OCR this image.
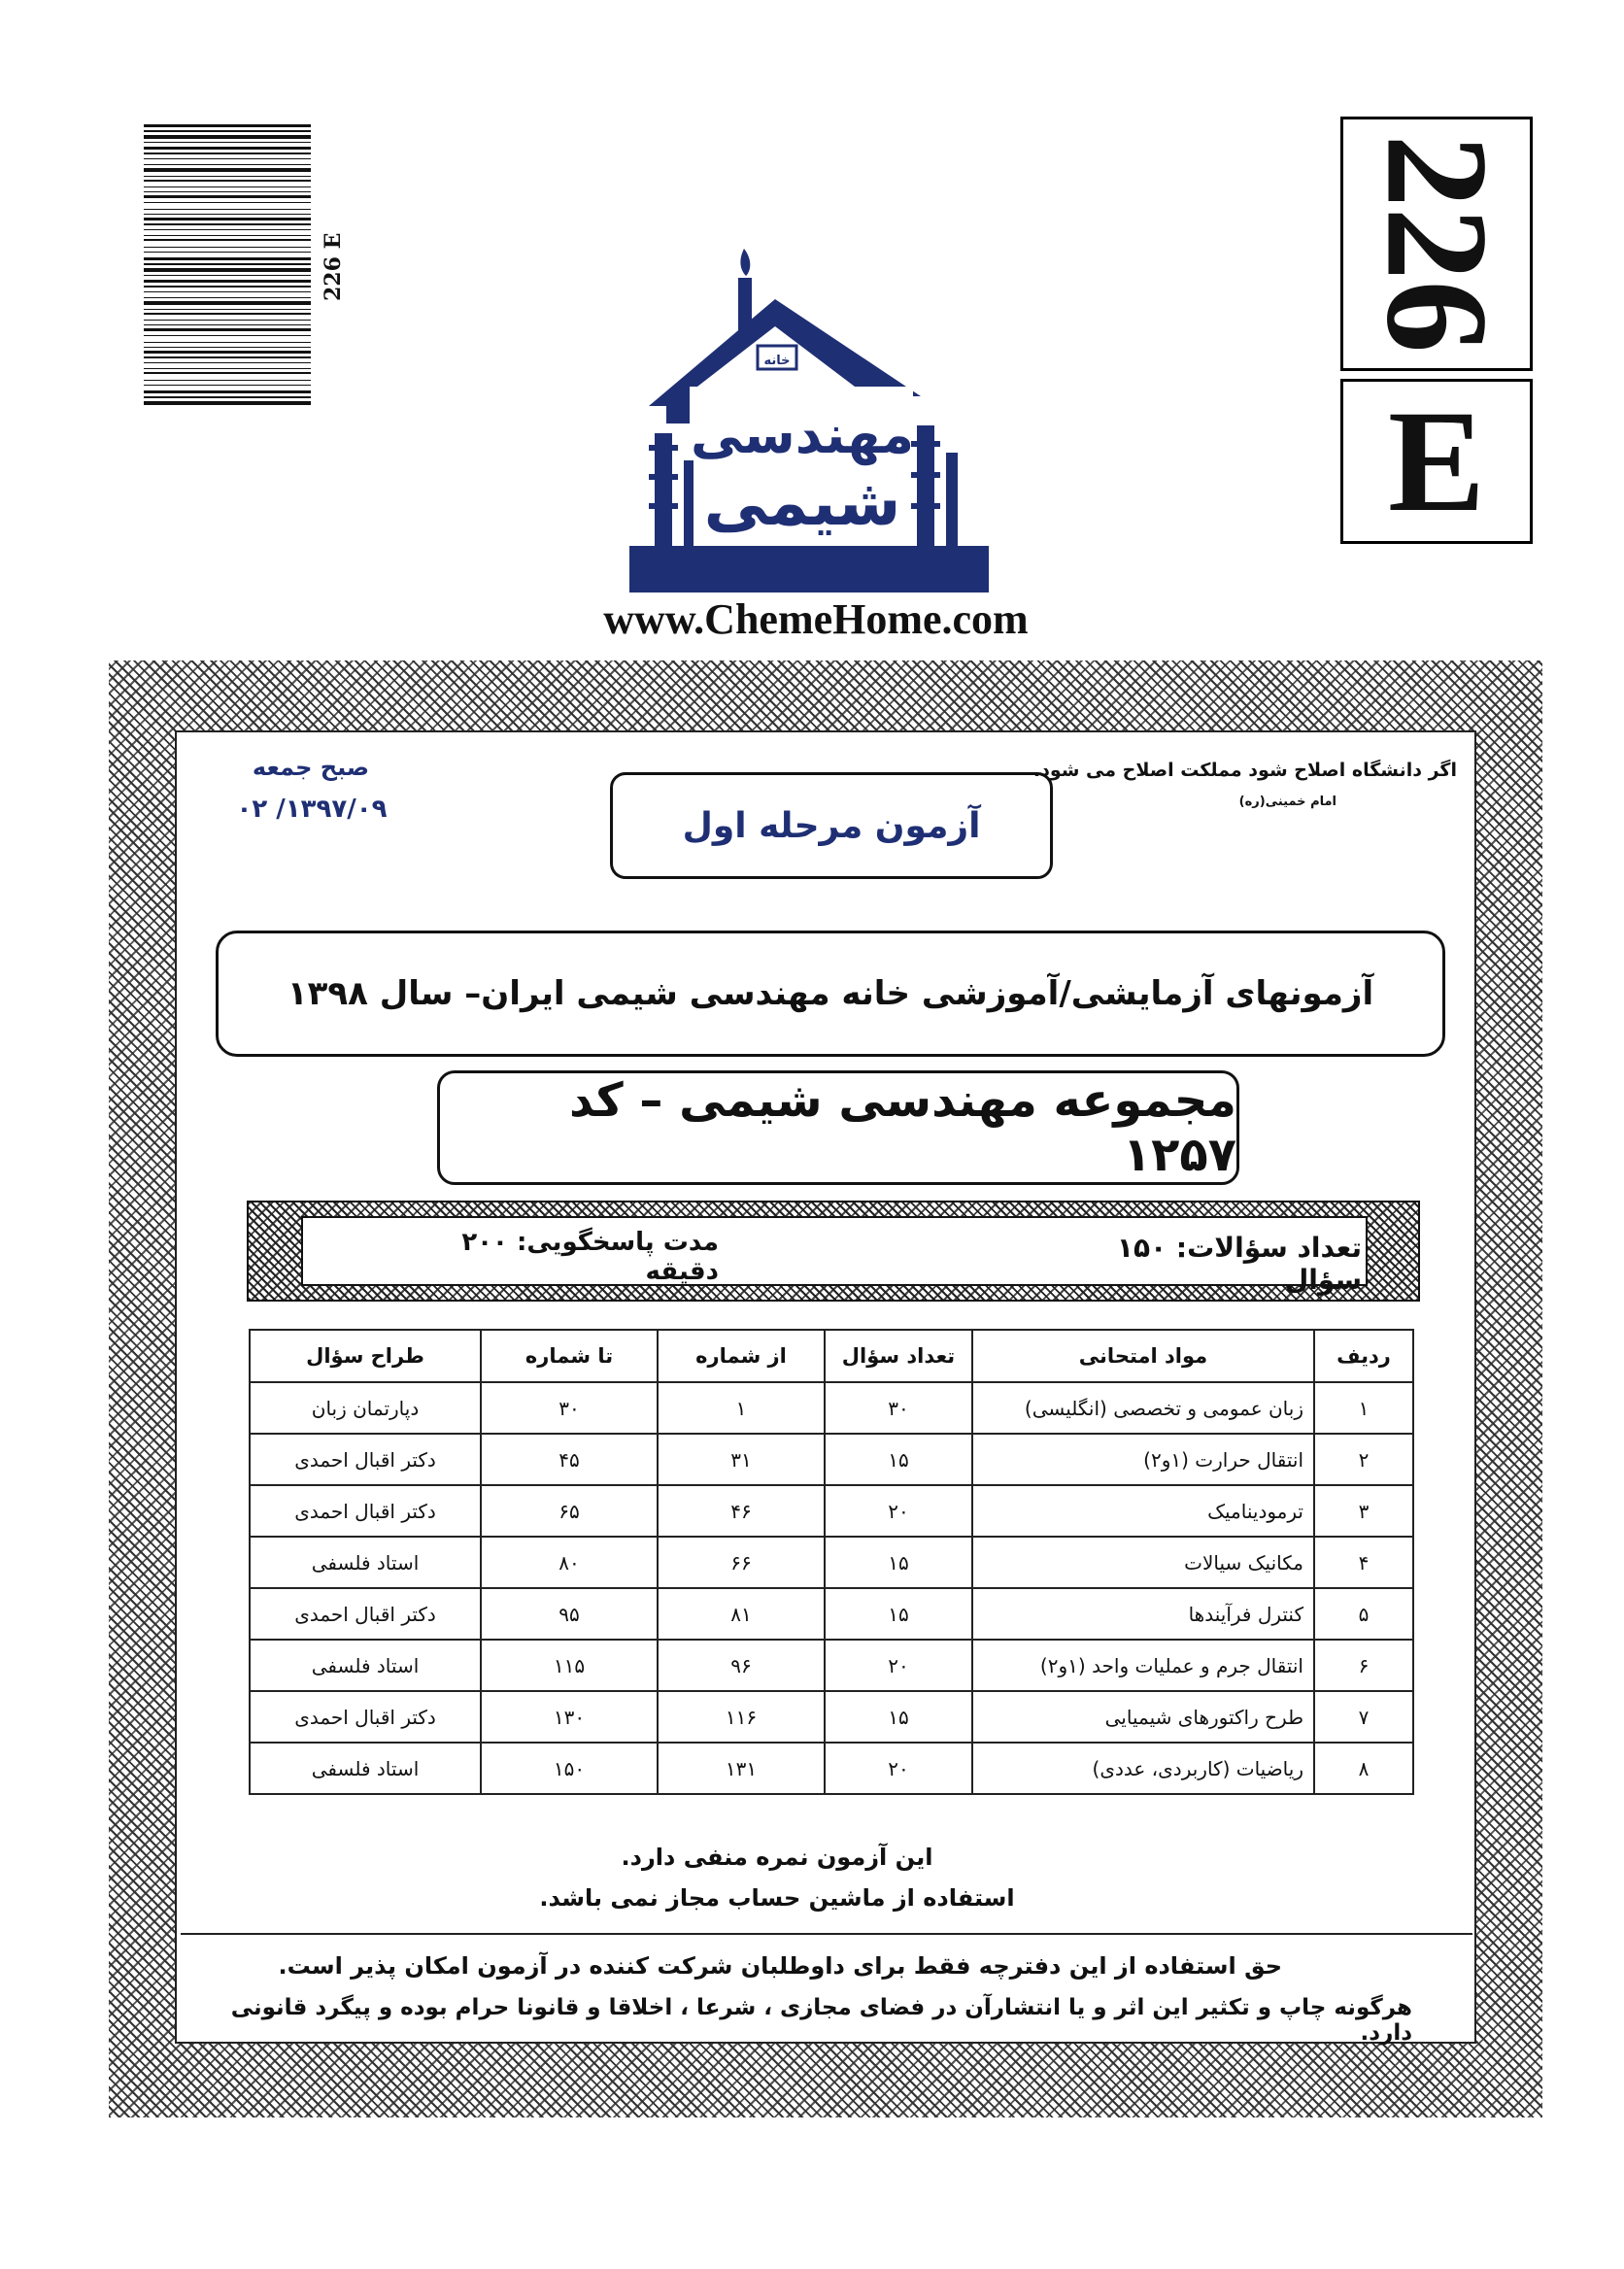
226 E	226
E
خانه
مهندسی
شیمی
www.ChemeHome.com
اگر دانشگاه اصلاح شود مملکت اصلاح می شود.
امام خمینی(ره)
صبح جمعه
۱۳۹۷/۰۹/ ۰۲	آزمون مرحله اول
آزمونهای آزمایشی/آموزشی خانه مهندسی شیمی ایران– سال ۱۳۹۸
مجموعه مهندسی شیمی – کد ۱۲۵۷
تعداد سؤالات: ۱۵۰ سؤال
مدت پاسخگویی: ۲۰۰ دقیقه
ردیف	مواد امتحانی	تعداد سؤال	از شماره	تا شماره	طراح سؤال
۱	زبان عمومی و تخصصی (انگلیسی)	۳۰	۱	۳۰	دپارتمان زبان
۲	انتقال حرارت (۱و۲)	۱۵	۳۱	۴۵	دکتر اقبال احمدی
۳	ترمودینامیک	۲۰	۴۶	۶۵	دکتر اقبال احمدی
۴	مکانیک سیالات	۱۵	۶۶	۸۰	استاد فلسفی
۵	کنترل فرآیندها	۱۵	۸۱	۹۵	دکتر اقبال احمدی
۶	انتقال جرم و عملیات واحد (۱و۲)	۲۰	۹۶	۱۱۵	استاد فلسفی
۷	طرح راکتورهای شیمیایی	۱۵	۱۱۶	۱۳۰	دکتر اقبال احمدی
۸	ریاضیات (کاربردی، عددی)	۲۰	۱۳۱	۱۵۰	استاد فلسفی
این آزمون نمره منفی دارد.
استفاده از ماشین حساب مجاز نمی باشد.
حق استفاده از این دفترچه فقط برای داوطلبان شرکت کننده در آزمون امکان پذیر است.
هرگونه چاپ و تکثیر این اثر و یا انتشارآن در فضای مجازی ، شرعا ، اخلاقا و قانونا حرام بوده و پیگرد قانونی دارد.
